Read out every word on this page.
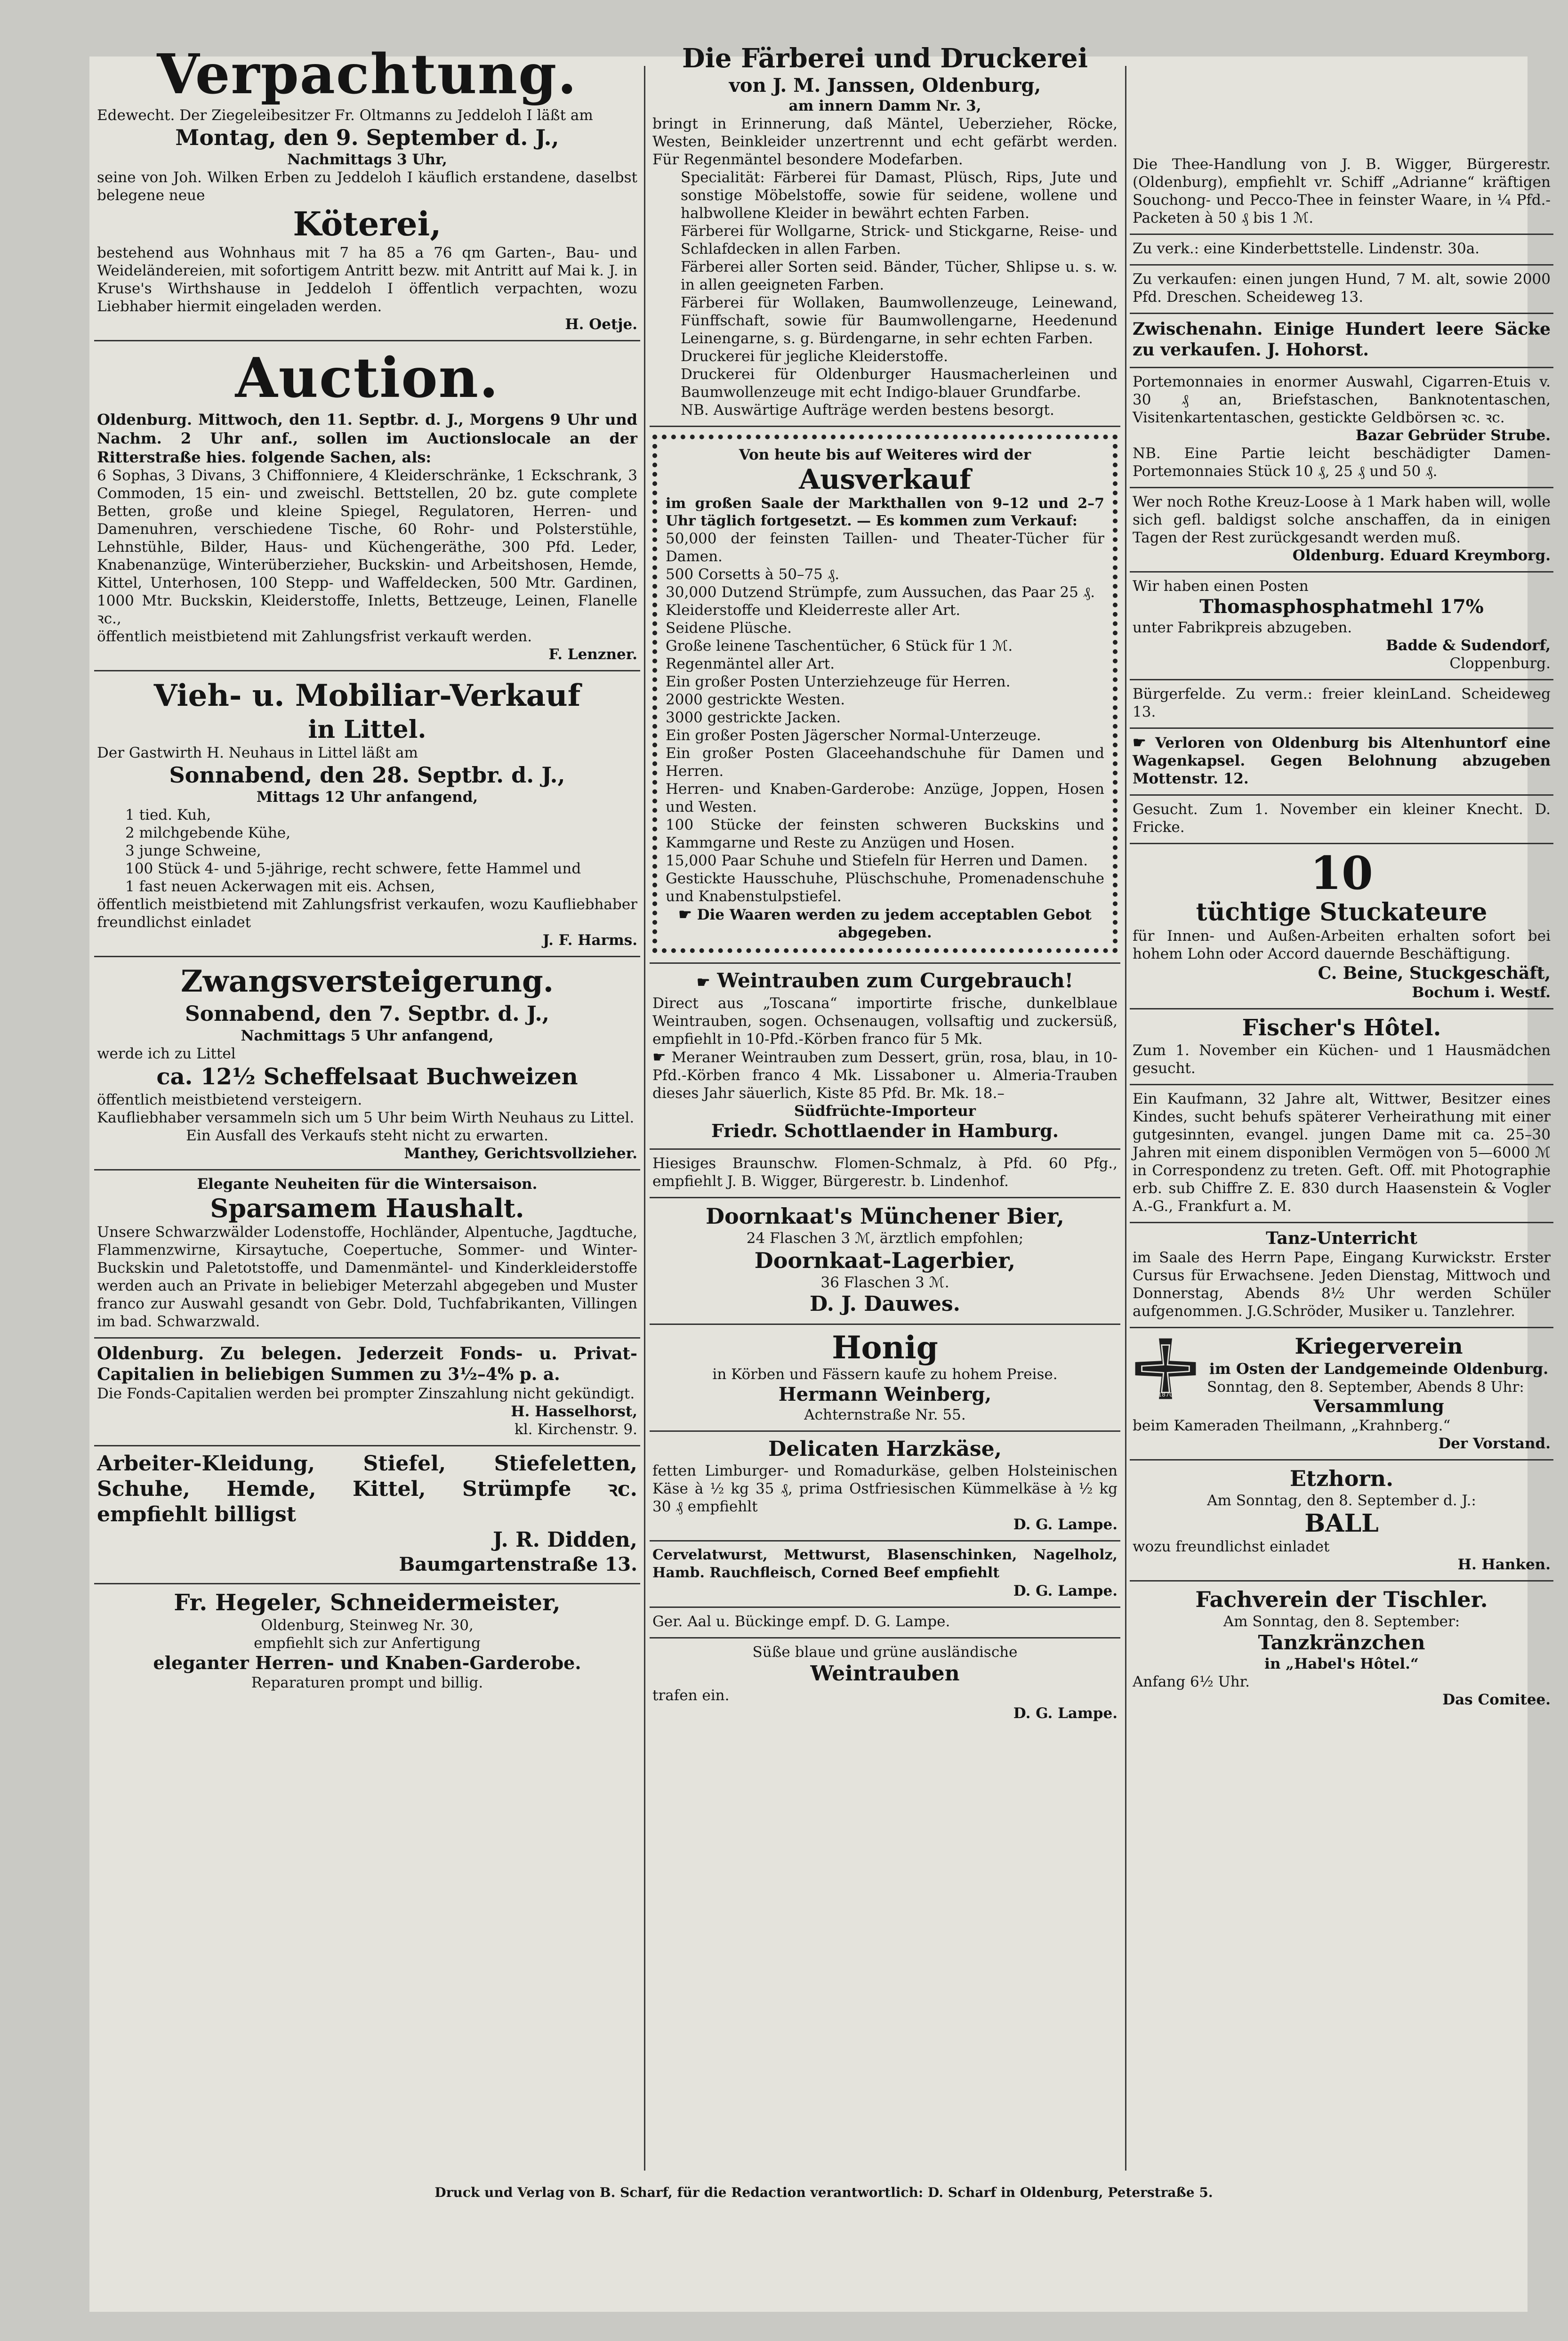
Verpachtung.

Edewecht. Der Ziegeleibesitzer Fr. Oltmanns zu Jeddeloh I läßt am

Montag, den 9. September d. J.,

Nachmittags 3 Uhr,

seine von Joh. Wilken Erben zu Jeddeloh I käuflich erstandene, daselbst belegene neue

Köterei,

bestehend aus Wohnhaus mit 7 ha 85 a 76 qm Garten-, Bau- und Weideländereien, mit sofortigem Antritt bezw. mit Antritt auf Mai k. J. in Kruse's Wirthshause in Jeddeloh I öffentlich verpachten, wozu Liebhaber hiermit eingeladen werden.

H. Oetje.

Auction.

Oldenburg. Mittwoch, den 11. Septbr. d. J., Morgens 9 Uhr und Nachm. 2 Uhr anf., sollen im Auctionslocale an der Ritterstraße hies. folgende Sachen, als:

6 Sophas, 3 Divans, 3 Chiffonniere, 4 Kleiderschränke, 1 Eckschrank, 3 Commoden, 15 ein- und zweischl. Bettstellen, 20 bz. gute complete Betten, große und kleine Spiegel, Regulatoren, Herren- und Damenuhren, verschiedene Tische, 60 Rohr- und Polsterstühle, Lehnstühle, Bilder, Haus- und Küchengeräthe, 300 Pfd. Leder, Knabenanzüge, Winterüberzieher, Buckskin- und Arbeitshosen, Hemde, Kittel, Unterhosen, 100 Stepp- und Waffeldecken, 500 Mtr. Gardinen, 1000 Mtr. Buckskin, Kleiderstoffe, Inletts, Bettzeuge, Leinen, Flanelle ꝛc.,

öffentlich meistbietend mit Zahlungsfrist verkauft werden.

F. Lenzner.

Vieh- u. Mobiliar-Verkauf

in Littel.

Der Gastwirth H. Neuhaus in Littel läßt am

Sonnabend, den 28. Septbr. d. J.,

Mittags 12 Uhr anfangend,

1 tied. Kuh,

2 milchgebende Kühe,

3 junge Schweine,

100 Stück 4- und 5-jährige, recht schwere, fette Hammel und

1 fast neuen Ackerwagen mit eis. Achsen,

öffentlich meistbietend mit Zahlungsfrist verkaufen, wozu Kaufliebhaber freundlichst einladet

J. F. Harms.

Zwangsversteigerung.

Sonnabend, den 7. Septbr. d. J.,

Nachmittags 5 Uhr anfangend,

werde ich zu Littel

ca. 12½ Scheffelsaat Buchweizen

öffentlich meistbietend versteigern.

Kaufliebhaber versammeln sich um 5 Uhr beim Wirth Neuhaus zu Littel.

Ein Ausfall des Verkaufs steht nicht zu erwarten.

Manthey, Gerichtsvollzieher.

Elegante Neuheiten für die Wintersaison.

Sparsamem Haushalt.

Unsere Schwarzwälder Lodenstoffe, Hochländer, Alpentuche, Jagdtuche, Flammenzwirne, Kirsaytuche, Coepertuche, Sommer- und Winter-Buckskin und Paletotstoffe, und Damenmäntel- und Kinderkleiderstoffe werden auch an Private in beliebiger Meterzahl abgegeben und Muster franco zur Auswahl gesandt von Gebr. Dold, Tuchfabrikanten, Villingen im bad. Schwarzwald.

Oldenburg. Zu belegen. Jederzeit Fonds- u. Privat-Capitalien in beliebigen Summen zu 3½–4% p. a.

Die Fonds-Capitalien werden bei prompter Zinszahlung nicht gekündigt.

H. Hasselhorst,

kl. Kirchenstr. 9.

Arbeiter-Kleidung, Stiefel, Stiefeletten, Schuhe, Hemde, Kittel, Strümpfe ꝛc. empfiehlt billigst

J. R. Didden,

Baumgartenstraße 13.

Fr. Hegeler, Schneidermeister,

Oldenburg, Steinweg Nr. 30,

empfiehlt sich zur Anfertigung

eleganter Herren- und Knaben-Garderobe.

Reparaturen prompt und billig.

Die Färberei und Druckerei

von J. M. Janssen, Oldenburg,

am innern Damm Nr. 3,

bringt in Erinnerung, daß Mäntel, Ueberzieher, Röcke, Westen, Beinkleider unzertrennt und echt gefärbt werden. Für Regenmäntel besondere Modefarben.

Specialität: Färberei für Damast, Plüsch, Rips, Jute und sonstige Möbelstoffe, sowie für seidene, wollene und halbwollene Kleider in bewährt echten Farben.

Färberei für Wollgarne, Strick- und Stickgarne, Reise- und Schlafdecken in allen Farben.

Färberei aller Sorten seid. Bänder, Tücher, Shlipse u. s. w. in allen geeigneten Farben.

Färberei für Wollaken, Baumwollenzeuge, Leinewand, Fünffschaft, sowie für Baumwollengarne, Heedenund Leinengarne, s. g. Bürdengarne, in sehr echten Farben.

Druckerei für jegliche Kleiderstoffe.

Druckerei für Oldenburger Hausmacherleinen und Baumwollenzeuge mit echt Indigo-blauer Grundfarbe.

NB. Auswärtige Aufträge werden bestens besorgt.

Von heute bis auf Weiteres wird der

Ausverkauf

im großen Saale der Markthallen von 9–12 und 2–7 Uhr täglich fortgesetzt. — Es kommen zum Verkauf:

50,000 der feinsten Taillen- und Theater-Tücher für Damen.

500 Corsetts à 50–75 ₰.

30,000 Dutzend Strümpfe, zum Aussuchen, das Paar 25 ₰.

Kleiderstoffe und Kleiderreste aller Art.

Seidene Plüsche.

Große leinene Taschentücher, 6 Stück für 1 ℳ.

Regenmäntel aller Art.

Ein großer Posten Unterziehzeuge für Herren.

2000 gestrickte Westen.

3000 gestrickte Jacken.

Ein großer Posten Jägerscher Normal-Unterzeuge.

Ein großer Posten Glaceehandschuhe für Damen und Herren.

Herren- und Knaben-Garderobe: Anzüge, Joppen, Hosen und Westen.

100 Stücke der feinsten schweren Buckskins und Kammgarne und Reste zu Anzügen und Hosen.

15,000 Paar Schuhe und Stiefeln für Herren und Damen.

Gestickte Hausschuhe, Plüschschuhe, Promenadenschuhe und Knabenstulpstiefel.

☛ Die Waaren werden zu jedem acceptablen Gebot abgegeben.

☛ Weintrauben zum Curgebrauch!

Direct aus „Toscana“ importirte frische, dunkelblaue Weintrauben, sogen. Ochsenaugen, vollsaftig und zuckersüß, empfiehlt in 10-Pfd.-Körben franco für 5 Mk.

☛ Meraner Weintrauben zum Dessert, grün, rosa, blau, in 10-Pfd.-Körben franco 4 Mk. Lissaboner u. Almeria-Trauben dieses Jahr säuerlich, Kiste 85 Pfd. Br. Mk. 18.–

Südfrüchte-Importeur

Friedr. Schottlaender in Hamburg.

Hiesiges Braunschw. Flomen-Schmalz, à Pfd. 60 Pfg., empfiehlt J. B. Wigger, Bürgerestr. b. Lindenhof.

Doornkaat's Münchener Bier,

24 Flaschen 3 ℳ, ärztlich empfohlen;

Doornkaat-Lagerbier,

36 Flaschen 3 ℳ.

D. J. Dauwes.

Honig

in Körben und Fässern kaufe zu hohem Preise.

Hermann Weinberg,

Achternstraße Nr. 55.

Delicaten Harzkäse,

fetten Limburger- und Romadurkäse, gelben Holsteinischen Käse à ½ kg 35 ₰, prima Ostfriesischen Kümmelkäse à ½ kg 30 ₰ empfiehlt

D. G. Lampe.

Cervelatwurst, Mettwurst, Blasenschinken, Nagelholz, Hamb. Rauchfleisch, Corned Beef empfiehlt

D. G. Lampe.

Ger. Aal u. Bückinge empf. D. G. Lampe.

Süße blaue und grüne ausländische

Weintrauben

trafen ein.

D. G. Lampe.

Die Thee-Handlung von J. B. Wigger, Bürgerestr. (Oldenburg), empfiehlt vr. Schiff „Adrianne“ kräftigen Souchong- und Pecco-Thee in feinster Waare, in ¼ Pfd.-Packeten à 50 ₰ bis 1 ℳ.

Zu verk.: eine Kinderbettstelle. Lindenstr. 30a.

Zu verkaufen: einen jungen Hund, 7 M. alt, sowie 2000 Pfd. Dreschen. Scheideweg 13.

Zwischenahn. Einige Hundert leere Säcke zu verkaufen. J. Hohorst.

Portemonnaies in enormer Auswahl, Cigarren-Etuis v. 30 ₰ an, Briefstaschen, Banknotentaschen, Visitenkartentaschen, gestickte Geldbörsen ꝛc. ꝛc.

Bazar Gebrüder Strube.

NB. Eine Partie leicht beschädigter Damen-Portemonnaies Stück 10 ₰, 25 ₰ und 50 ₰.

Wer noch Rothe Kreuz-Loose à 1 Mark haben will, wolle sich gefl. baldigst solche anschaffen, da in einigen Tagen der Rest zurückgesandt werden muß.

Oldenburg. Eduard Kreymborg.

Wir haben einen Posten

Thomasphosphatmehl 17%

unter Fabrikpreis abzugeben.

Badde & Sudendorf,

Cloppenburg.

Bürgerfelde. Zu verm.: freier kleinLand. Scheideweg 13.

☛ Verloren von Oldenburg bis Altenhuntorf eine Wagenkapsel. Gegen Belohnung abzugeben Mottenstr. 12.

Gesucht. Zum 1. November ein kleiner Knecht. D. Fricke.

10

tüchtige Stuckateure

für Innen- und Außen-Arbeiten erhalten sofort bei hohem Lohn oder Accord dauernde Beschäftigung.

C. Beine, Stuckgeschäft,

Bochum i. Westf.

Fischer's Hôtel.

Zum 1. November ein Küchen- und 1 Hausmädchen gesucht.

Ein Kaufmann, 32 Jahre alt, Wittwer, Besitzer eines Kindes, sucht behufs späterer Verheirathung mit einer gutgesinnten, evangel. jungen Dame mit ca. 25–30 Jahren mit einem disponiblen Vermögen von 5—6000 ℳ in Correspondenz zu treten. Geft. Off. mit Photographie erb. sub Chiffre Z. E. 830 durch Haasenstein & Vogler A.-G., Frankfurt a. M.

Tanz-Unterricht

im Saale des Herrn Pape, Eingang Kurwickstr. Erster Cursus für Erwachsene. Jeden Dienstag, Mittwoch und Donnerstag, Abends 8½ Uhr werden Schüler aufgenommen. J.G.Schröder, Musiker u. Tanzlehrer.

1870

Kriegerverein

im Osten der Landgemeinde Oldenburg.

Sonntag, den 8. September, Abends 8 Uhr:

Versammlung

beim Kameraden Theilmann, „Krahnberg.“

Der Vorstand.

Etzhorn.

Am Sonntag, den 8. September d. J.:

BALL

wozu freundlichst einladet

H. Hanken.

Fachverein der Tischler.

Am Sonntag, den 8. September:

Tanzkränzchen

in „Habel's Hôtel.“

Anfang 6½ Uhr.

Das Comitee.

Druck und Verlag von B. Scharf, für die Redaction verantwortlich: D. Scharf in Oldenburg, Peterstraße 5.
